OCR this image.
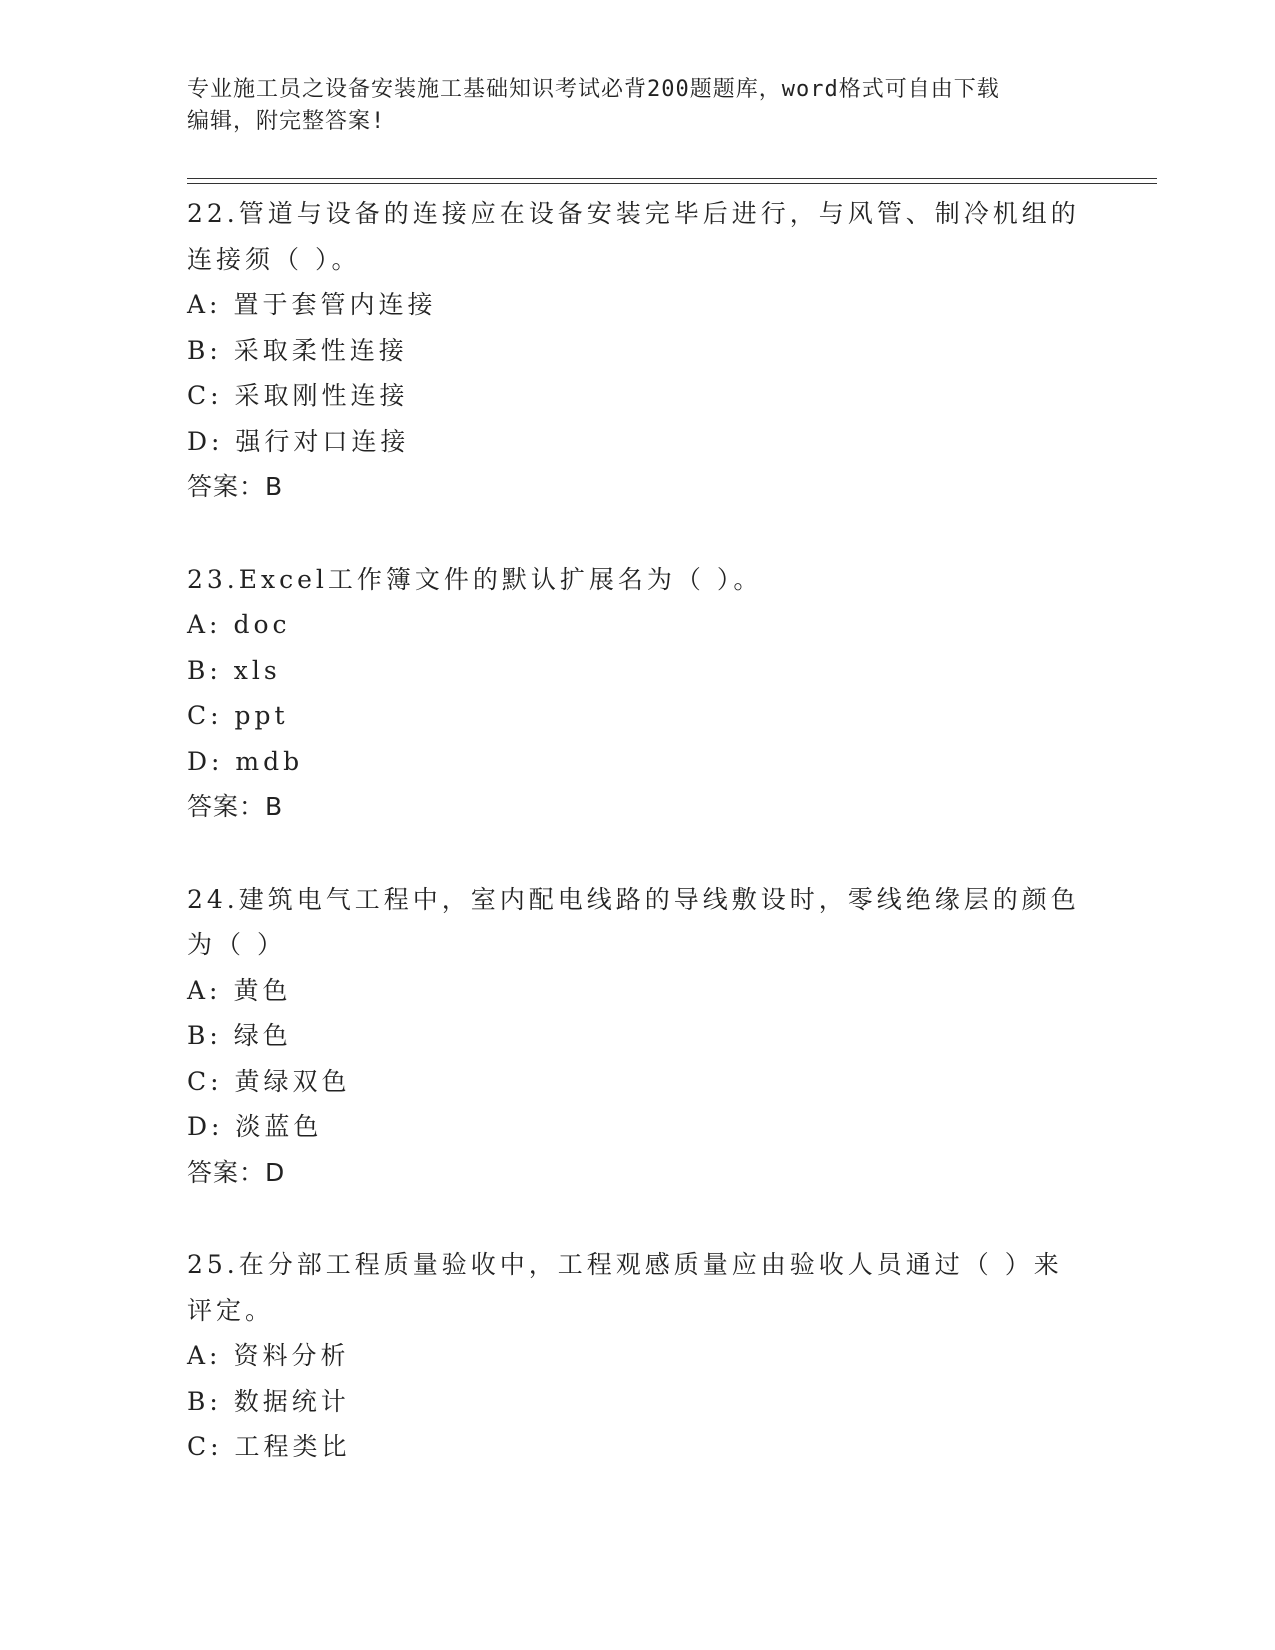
专业施工员之设备安装施工基础知识考试必背200题题库，word格式可自由下载
编辑，附完整答案!
22.管道与设备的连接应在设备安装完毕后进行，与风管、制冷机组的
连接须（ ）。
A: 置于套管内连接
B: 采取柔性连接
C: 采取刚性连接
D: 强行对口连接
答案：B
23.Excel工作簿文件的默认扩展名为（ ）。
A: doc
B: xls
C: ppt
D: mdb
答案：B
24.建筑电气工程中，室内配电线路的导线敷设时，零线绝缘层的颜色
为（ ）
A: 黄色
B: 绿色
C: 黄绿双色
D: 淡蓝色
答案：D
25.在分部工程质量验收中，工程观感质量应由验收人员通过（ ）来
评定。
A: 资料分析
B: 数据统计
C: 工程类比
